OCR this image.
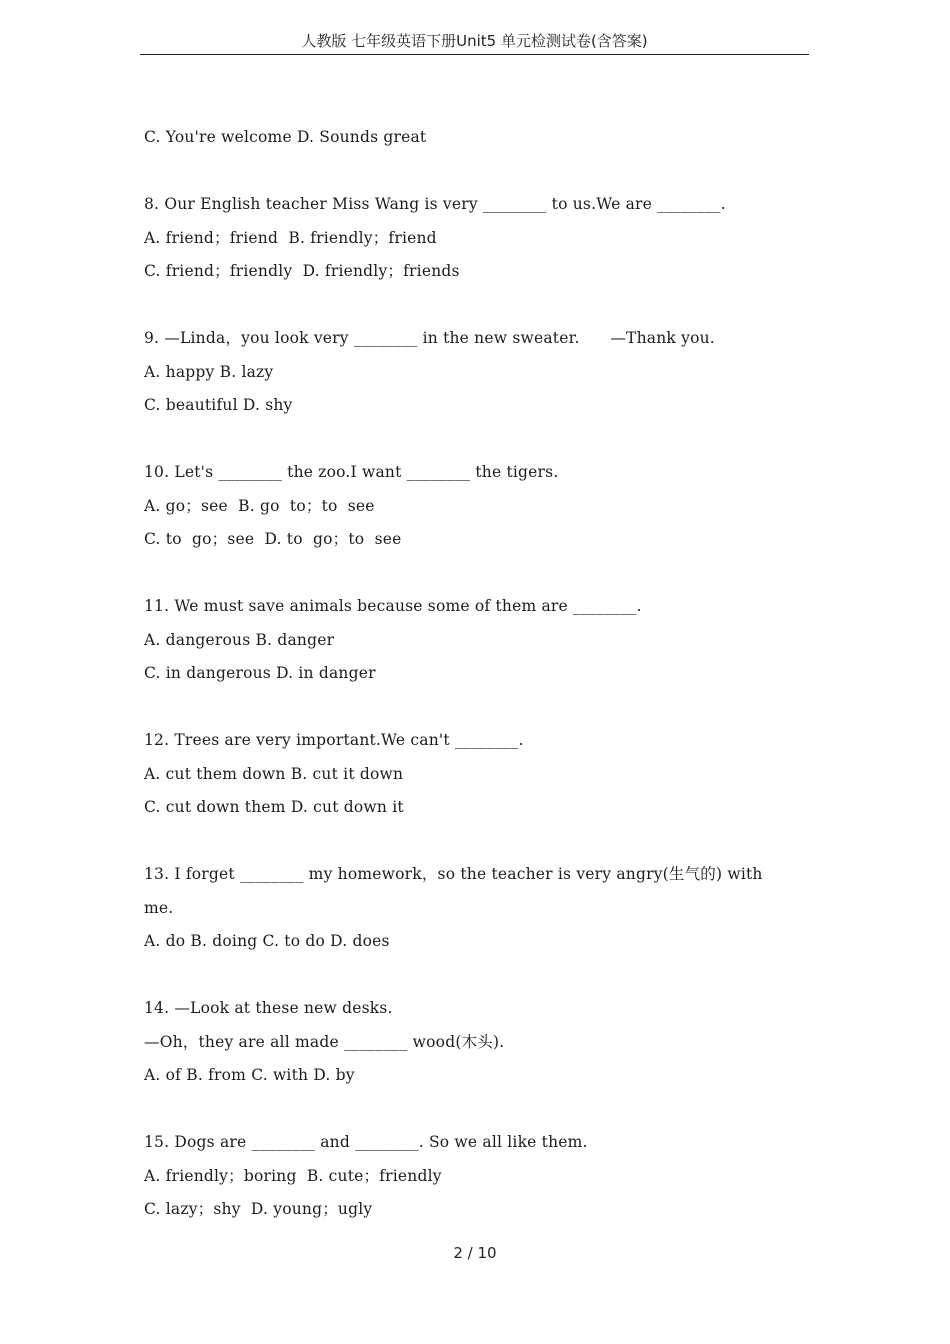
人教版 七年级英语下册Unit5 单元检测试卷(含答案)
C. You're welcome D. Sounds great
8. Our English teacher Miss Wang is very ________ to us.We are ________.
A. friend；friend  B. friendly；friend
C. friend；friendly  D. friendly；friends
9. —Linda，you look very ________ in the new sweater.      —Thank you.
A. happy B. lazy
C. beautiful D. shy
10. Let's ________ the zoo.I want ________ the tigers.
A. go；see  B. go  to；to  see
C. to  go；see  D. to  go；to  see
11. We must save animals because some of them are ________.
A. dangerous B. danger
C. in dangerous D. in danger
12. Trees are very important.We can't ________.
A. cut them down B. cut it down
C. cut down them D. cut down it
13. I forget ________ my homework，so the teacher is very angry(生气的) with
me.
A. do B. doing C. to do D. does
14. —Look at these new desks.
—Oh，they are all made ________ wood(木头).
A. of B. from C. with D. by
15. Dogs are ________ and ________. So we all like them.
A. friendly；boring  B. cute；friendly
C. lazy；shy  D. young；ugly
2 / 10
